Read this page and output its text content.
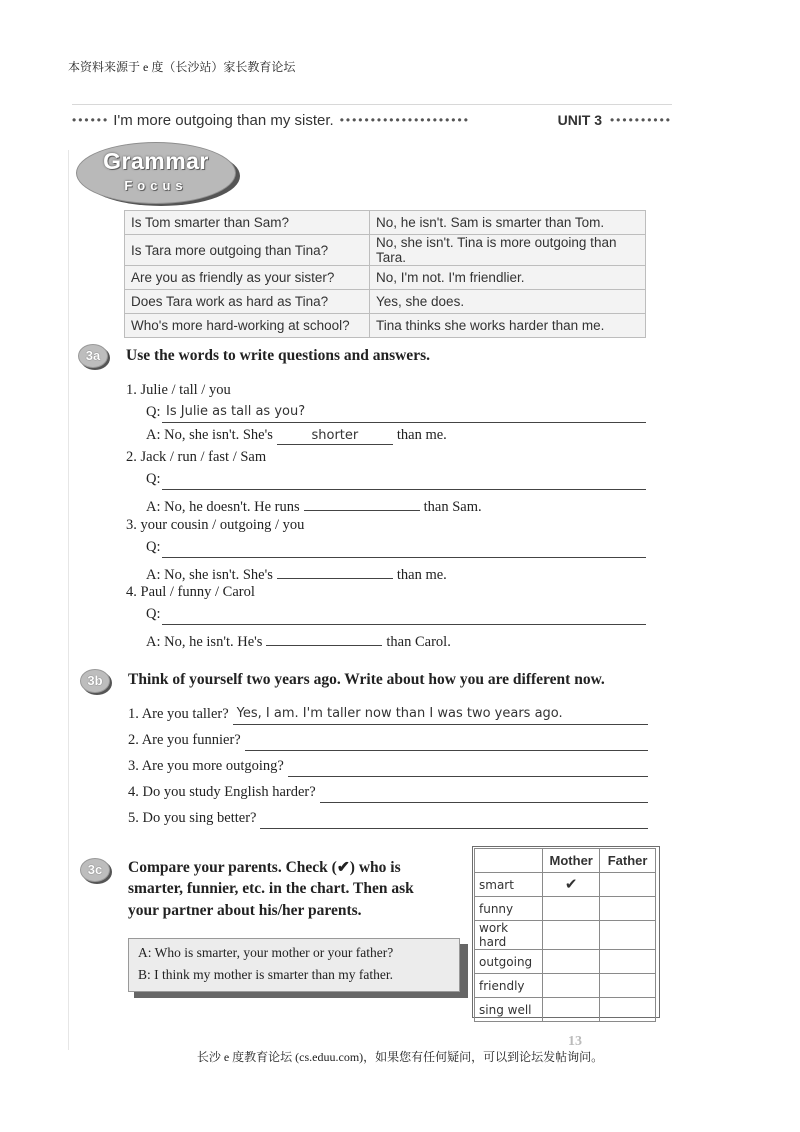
本资料来源于 e 度（长沙站）家长教育论坛
长沙 e 度教育论坛 (cs.eduu.com)，如果您有任何疑问，可以到论坛发帖询问。
13
•••••• I'm more outgoing than my sister. •••••••••••••••••••••	UNIT 3 ••••••••••
Grammar
Focus
Is Tom smarter than Sam?	No, he isn't. Sam is smarter than Tom.
Is Tara more outgoing than Tina?	No, she isn't. Tina is more outgoing than Tara.
Are you as friendly as your sister?	No, I'm not. I'm friendlier.
Does Tara work as hard as Tina?	Yes, she does.
Who's more hard-working at school?	Tina thinks she works harder than me.
3a	Use the words to write questions and answers.
1. Julie / tall / you
Q: Is Julie as tall as you?
A: No, she isn't. She's	shorter	than me.
2. Jack / run / fast / Sam
Q:
A: No, he doesn't. He runs	than Sam.
3. your cousin / outgoing / you
Q:
A: No, she isn't. She's	than me.
4. Paul / funny / Carol
Q:
A: No, he isn't. He's	than Carol.
3b	Think of yourself two years ago. Write about how you are different now.
1. Are you taller? Yes, I am. I'm taller now than I was two years ago.
2. Are you funnier?
3. Are you more outgoing?
4. Do you study English harder?
5. Do you sing better?
3c	Compare your parents. Check (✔) who is
smarter, funnier, etc. in the chart. Then ask
your partner about his/her parents.
A: Who is smarter, your mother or your father?
B: I think my mother is smarter than my father.
	Mother	Father
smart	✔	
funny		
work hard		
outgoing		
friendly		
sing well		
